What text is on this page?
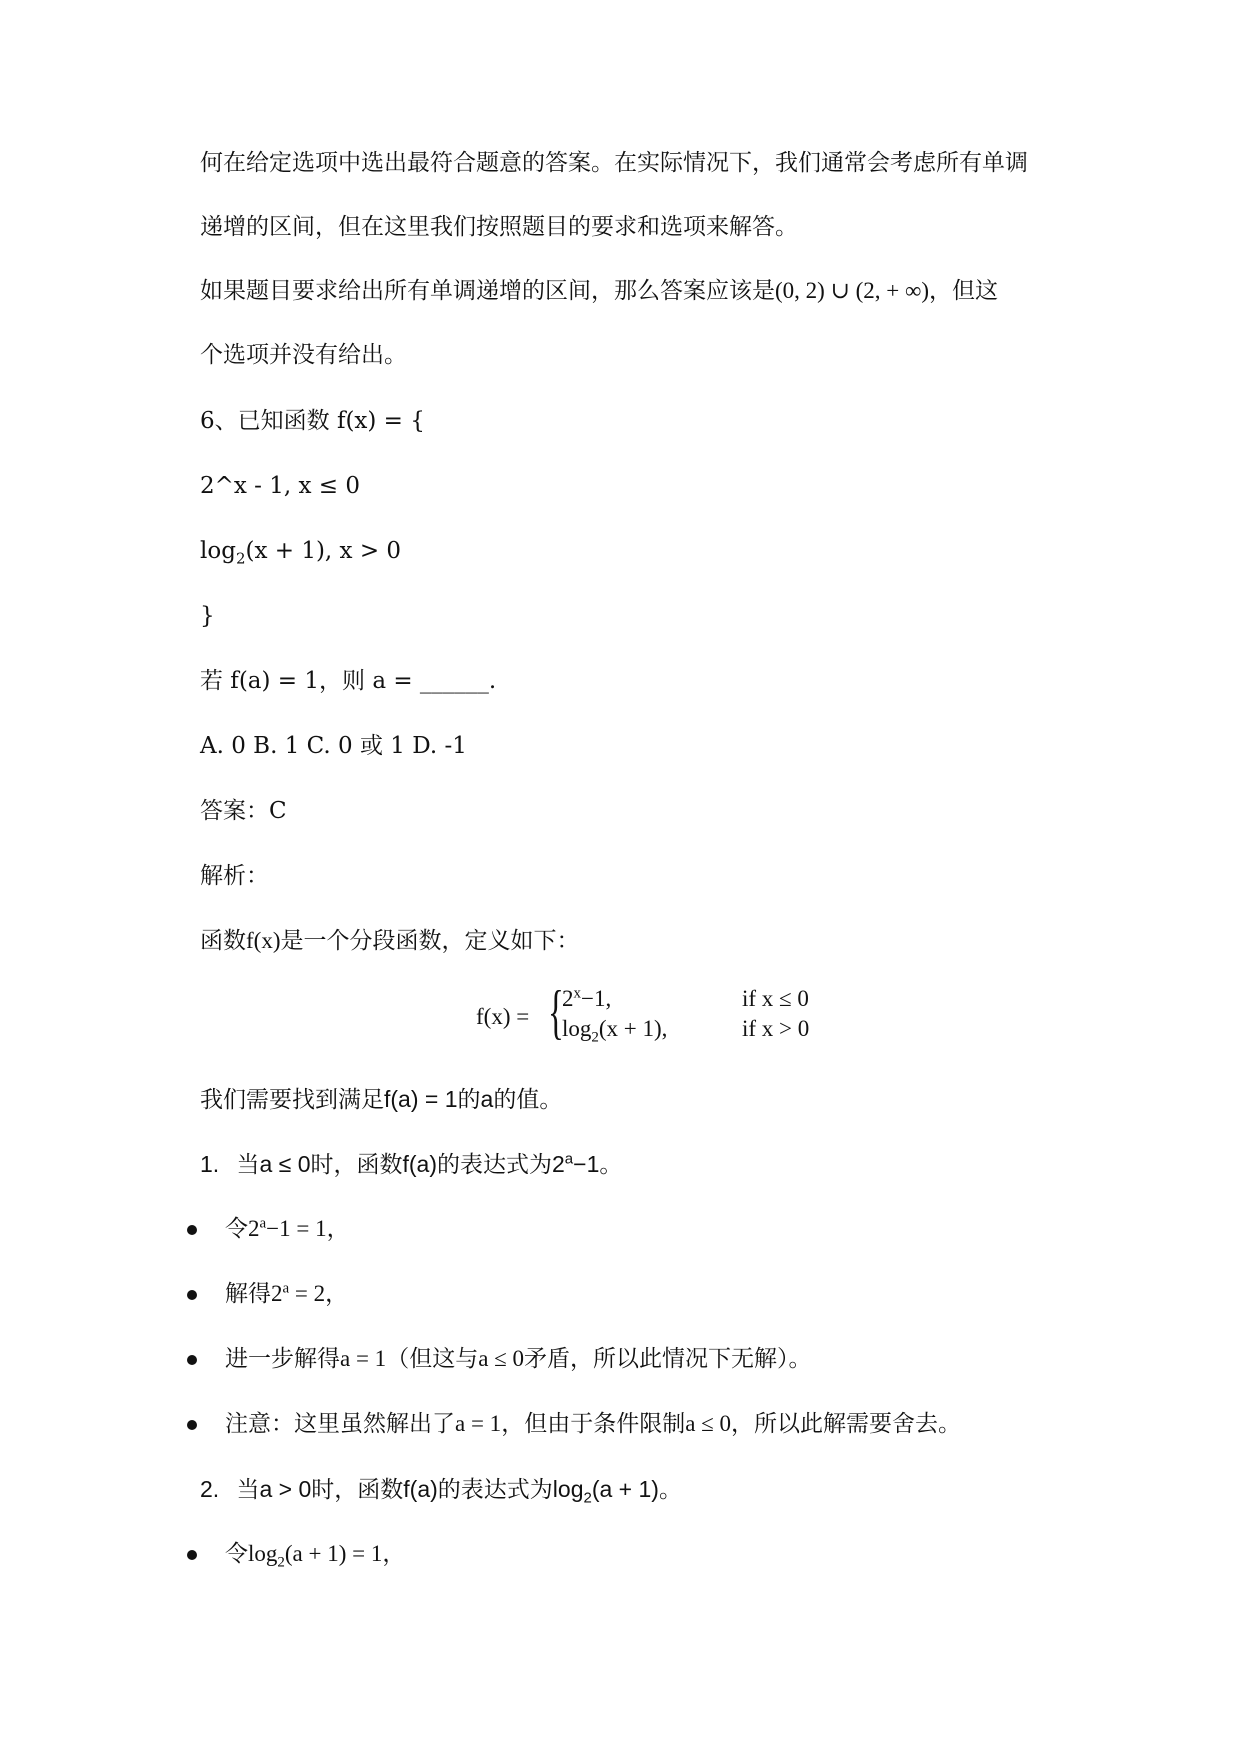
何在给定选项中选出最符合题意的答案。在实际情况下，我们通常会考虑所有单调
递增的区间，但在这里我们按照题目的要求和选项来解答。
如果题目要求给出所有单调递增的区间，那么答案应该是(0, 2) ∪ (2, + ∞)，但这
个选项并没有给出。
6、已知函数 f(x) = {
2^x - 1, x ≤ 0
$\log_2(x + 1)$, x > 0
}
若 f(a) = 1，则 a = ______.
A. 0 B. 1 C. 0 或 1 D. -1
答案：C
解析：
函数f(x)是一个分段函数，定义如下：
f(x) = {
$2^x-1$,	if x ≤ 0
$\log_2(x + 1)$,	if x > 0
我们需要找到满足f(a) = 1的a的值。
1. 当a ≤ 0时，函数f(a)的表达式为$2^a-1$。
令$2^a-1 = 1$，
解得$2^a = 2$，
进一步解得a = 1（但这与a ≤ 0矛盾，所以此情况下无解）。
注意：这里虽然解出了a = 1，但由于条件限制a ≤ 0，所以此解需要舍去。
2. 当a > 0时，函数f(a)的表达式为$\log_2(a + 1)$。
令$\log_2(a + 1) = 1$，
